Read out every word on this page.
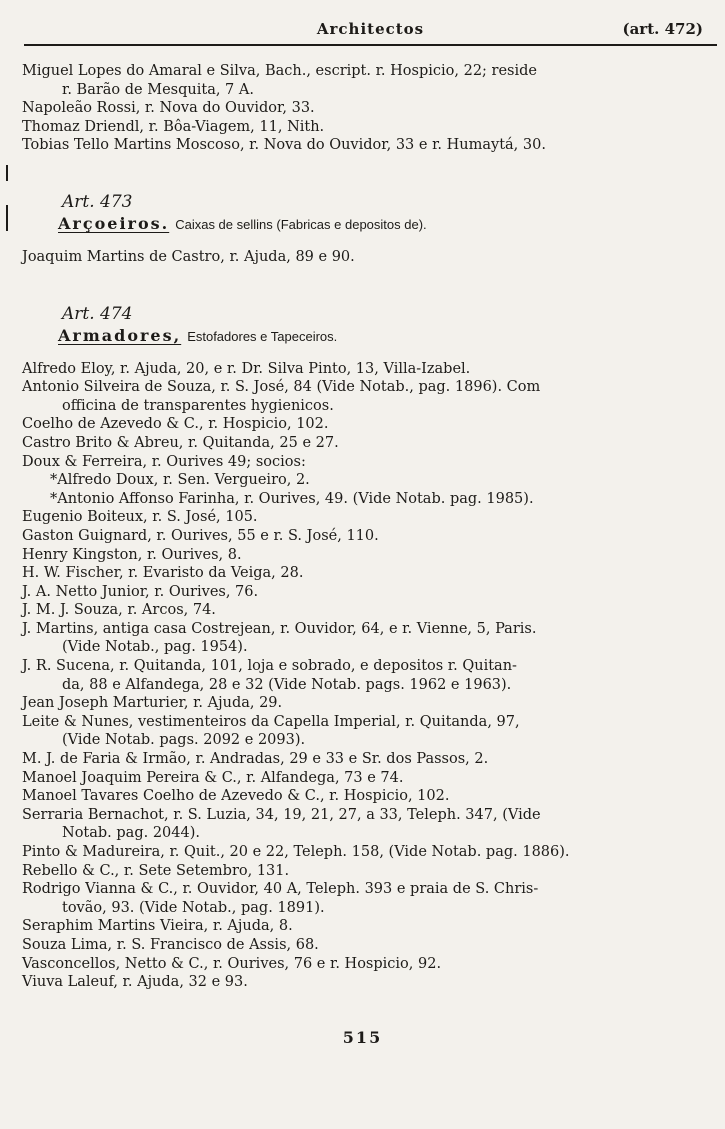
Architectos	(art. 472)
Miguel Lopes do Amaral e Silva, Bach., escript. r. Hospicio, 22; reside
r. Barão de Mesquita, 7 A.
Napoleão Rossi, r. Nova do Ouvidor, 33.
Thomaz Driendl, r. Bôa-Viagem, 11, Nith.
Tobias Tello Martins Moscoso, r. Nova do Ouvidor, 33 e r. Humaytá, 30.
Art. 473
Arçoeiros. Caixas de sellins (Fabricas e depositos de).
Joaquim Martins de Castro, r. Ajuda, 89 e 90.
Art. 474
Armadores, Estofadores e Tapeceiros.
Alfredo Eloy, r. Ajuda, 20, e r. Dr. Silva Pinto, 13, Villa-Izabel.
Antonio Silveira de Souza, r. S. José, 84 (Vide Notab., pag. 1896). Com
officina de transparentes hygienicos.
Coelho de Azevedo & C., r. Hospicio, 102.
Castro Brito & Abreu, r. Quitanda, 25 e 27.
Doux & Ferreira, r. Ourives 49; socios:
*Alfredo Doux, r. Sen. Vergueiro, 2.
*Antonio Affonso Farinha, r. Ourives, 49. (Vide Notab. pag. 1985).
Eugenio Boiteux, r. S. José, 105.
Gaston Guignard, r. Ourives, 55 e r. S. José, 110.
Henry Kingston, r. Ourives, 8.
H. W. Fischer, r. Evaristo da Veiga, 28.
J. A. Netto Junior, r. Ourives, 76.
J. M. J. Souza, r. Arcos, 74.
J. Martins, antiga casa Costrejean, r. Ouvidor, 64, e r. Vienne, 5, Paris.
(Vide Notab., pag. 1954).
J. R. Sucena, r. Quitanda, 101, loja e sobrado, e depositos r. Quitan-
da, 88 e Alfandega, 28 e 32 (Vide Notab. pags. 1962 e 1963).
Jean Joseph Marturier, r. Ajuda, 29.
Leite & Nunes, vestimenteiros da Capella Imperial, r. Quitanda, 97,
(Vide Notab. pags. 2092 e 2093).
M. J. de Faria & Irmão, r. Andradas, 29 e 33 e Sr. dos Passos, 2.
Manoel Joaquim Pereira & C., r. Alfandega, 73 e 74.
Manoel Tavares Coelho de Azevedo & C., r. Hospicio, 102.
Serraria Bernachot, r. S. Luzia, 34, 19, 21, 27, a 33, Teleph. 347, (Vide
Notab. pag. 2044).
Pinto & Madureira, r. Quit., 20 e 22, Teleph. 158, (Vide Notab. pag. 1886).
Rebello & C., r. Sete Setembro, 131.
Rodrigo Vianna & C., r. Ouvidor, 40 A, Teleph. 393 e praia de S. Chris-
tovão, 93. (Vide Notab., pag. 1891).
Seraphim Martins Vieira, r. Ajuda, 8.
Souza Lima, r. S. Francisco de Assis, 68.
Vasconcellos, Netto & C., r. Ourives, 76 e r. Hospicio, 92.
Viuva Laleuf, r. Ajuda, 32 e 93.
515
